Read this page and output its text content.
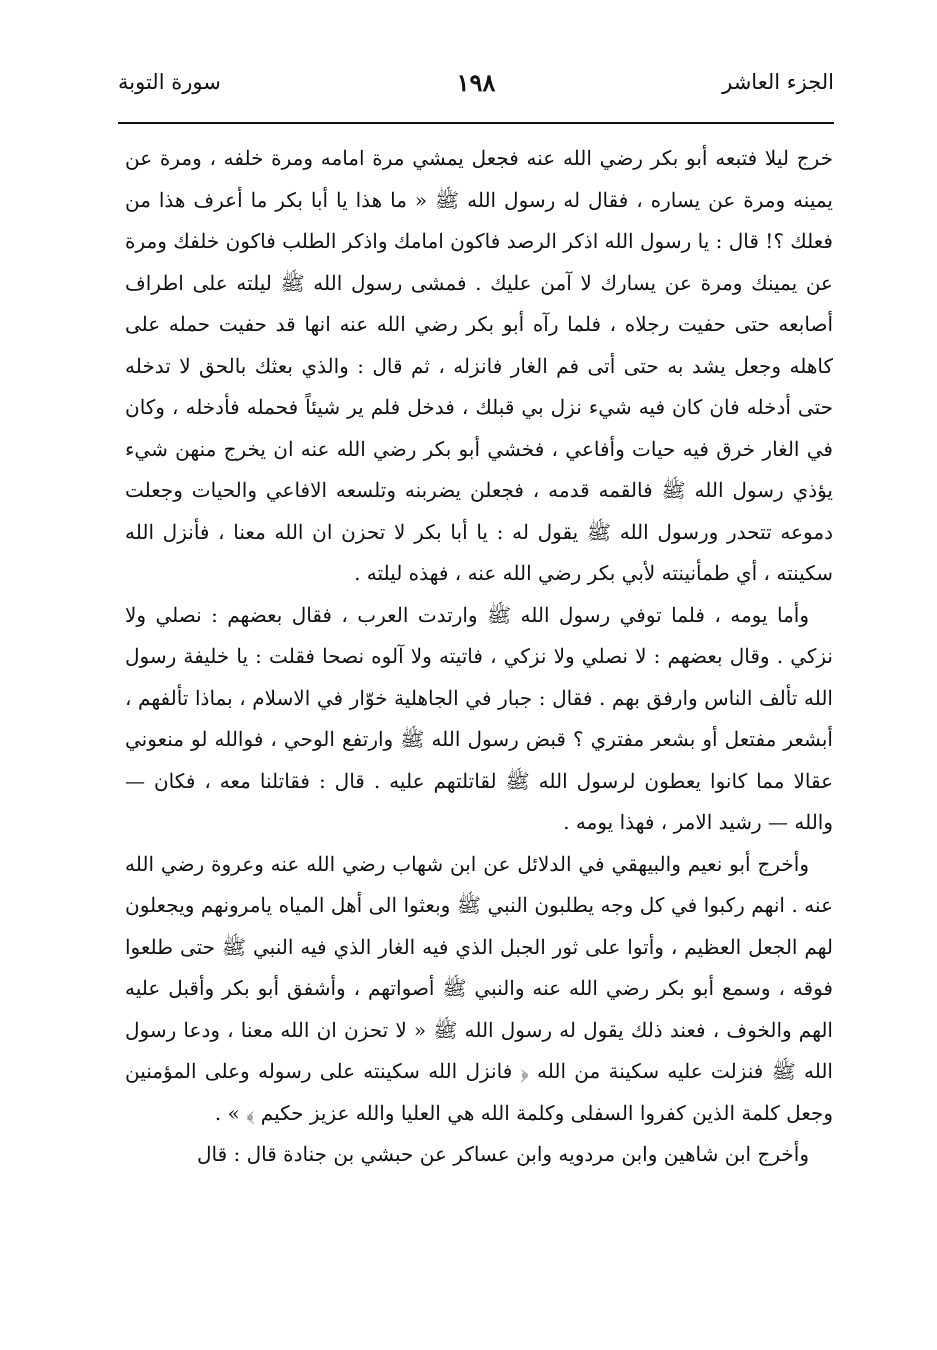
الجزء العاشر
١٩٨
سورة التوبة

خرج ليلا فتبعه أبو بكر رضي الله عنه فجعل يمشي مرة امامه ومرة خلفه ، ومرة عن يمينه ومرة عن يساره ، فقال له رسول الله ﷺ « ما هذا يا أبا بكر ما أعرف هذا من فعلك ؟! قال : يا رسول الله اذكر الرصد فاكون امامك واذكر الطلب فاكون خلفك ومرة عن يمينك ومرة عن يسارك لا آمن عليك . فمشى رسول الله ﷺ ليلته على اطراف أصابعه حتى حفيت رجلاه ، فلما رآه أبو بكر رضي الله عنه انها قد حفيت حمله على كاهله وجعل يشد به حتى أتى فم الغار فانزله ، ثم قال : والذي بعثك بالحق لا تدخله حتى أدخله فان كان فيه شيء نزل بي قبلك ، فدخل فلم ير شيئاً فحمله فأدخله ، وكان في الغار خرق فيه حيات وأفاعي ، فخشي أبو بكر رضي الله عنه ان يخرج منهن شيء يؤذي رسول الله ﷺ فالقمه قدمه ، فجعلن يضربنه وتلسعه الافاعي والحيات وجعلت دموعه تتحدر ورسول الله ﷺ يقول له : يا أبا بكر لا تحزن ان الله معنا ، فأنزل الله سكينته ، أي طمأنينته لأبي بكر رضي الله عنه ، فهذه ليلته .

وأما يومه ، فلما توفي رسول الله ﷺ وارتدت العرب ، فقال بعضهم : نصلي ولا نزكي . وقال بعضهم : لا نصلي ولا نزكي ، فاتيته ولا آلوه نصحا فقلت : يا خليفة رسول الله تألف الناس وارفق بهم . فقال : جبار في الجاهلية خوّار في الاسلام ، بماذا تألفهم ، أبشعر مفتعل أو بشعر مفتري ؟ قبض رسول الله ﷺ وارتفع الوحي ، فوالله لو منعوني عقالا مما كانوا يعطون لرسول الله ﷺ لقاتلتهم عليه . قال : فقاتلنا معه ، فكان — والله — رشيد الامر ، فهذا يومه .

وأخرج أبو نعيم والبيهقي في الدلائل عن ابن شهاب رضي الله عنه وعروة رضي الله عنه . انهم ركبوا في كل وجه يطلبون النبي ﷺ وبعثوا الى أهل المياه يامرونهم ويجعلون لهم الجعل العظيم ، وأتوا على ثور الجبل الذي فيه الغار الذي فيه النبي ﷺ حتى طلعوا فوقه ، وسمع أبو بكر رضي الله عنه والنبي ﷺ أصواتهم ، وأشفق أبو بكر وأقبل عليه الهم والخوف ، فعند ذلك يقول له رسول الله ﷺ « لا تحزن ان الله معنا ، ودعا رسول الله ﷺ فنزلت عليه سكينة من الله ﴿ فانزل الله سكينته على رسوله وعلى المؤمنين وجعل كلمة الذين كفروا السفلى وكلمة الله هي العليا والله عزيز حكيم ﴾ » .

وأخرج ابن شاهين وابن مردويه وابن عساكر عن حبشي بن جنادة قال : قال
